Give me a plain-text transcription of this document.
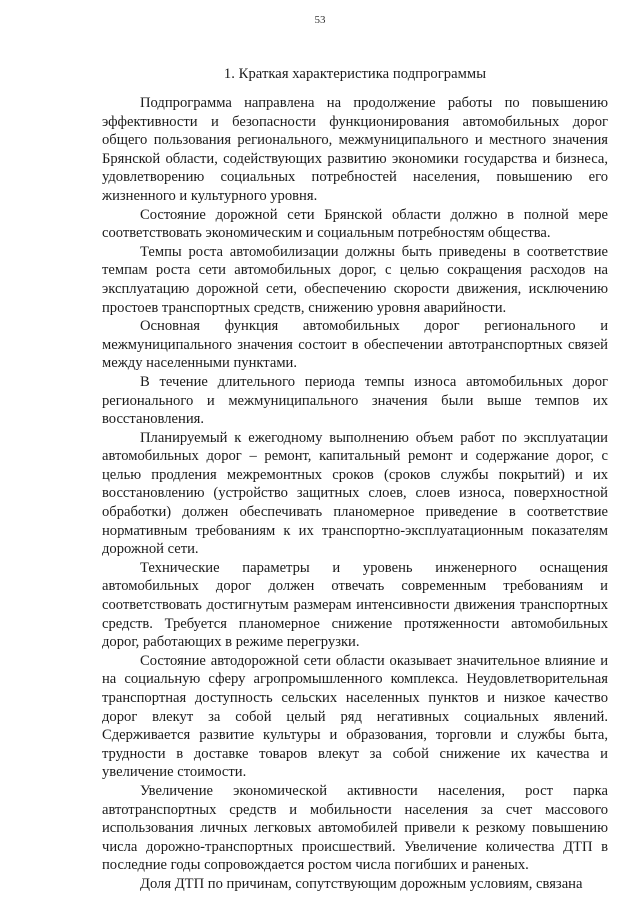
53
1. Краткая характеристика подпрограммы

Подпрограмма направлена на продолжение работы по повышению эффективности и безопасности функционирования автомобильных дорог общего пользования регионального, межмуниципального и местного значения Брянской области, содействующих развитию экономики государства и бизнеса, удовлетворению социальных потребностей населения, повышению его жизненного и культурного уровня.

Состояние дорожной сети Брянской области должно в полной мере соответствовать экономическим и социальным потребностям общества.

Темпы роста автомобилизации должны быть приведены в соответствие темпам роста сети автомобильных дорог, с целью сокращения расходов на эксплуатацию дорожной сети, обеспечению скорости движения, исключению простоев транспортных средств, снижению уровня аварийности.

Основная функция автомобильных дорог регионального и межмуниципального значения состоит в обеспечении автотранспортных связей между населенными пунктами.

В течение длительного периода темпы износа автомобильных дорог регионального и межмуниципального значения были выше темпов их восстановления.

Планируемый к ежегодному выполнению объем работ по эксплуатации автомобильных дорог – ремонт, капитальный ремонт и содержание дорог, с целью продления межремонтных сроков (сроков службы покрытий) и их восстановлению (устройство защитных слоев, слоев износа, поверхностной обработки) должен обеспечивать планомерное приведение в соответствие нормативным требованиям к их транспортно-эксплуатационным показателям дорожной сети.

Технические параметры и уровень инженерного оснащения автомобильных дорог должен отвечать современным требованиям и соответствовать достигнутым размерам интенсивности движения транспортных средств. Требуется планомерное снижение протяженности автомобильных дорог, работающих в режиме перегрузки.

Состояние автодорожной сети области оказывает значительное влияние и на социальную сферу агропромышленного комплекса. Неудовлетворительная транспортная доступность сельских населенных пунктов и низкое качество дорог влекут за собой целый ряд негативных социальных явлений. Сдерживается развитие культуры и образования, торговли и службы быта, трудности в доставке товаров влекут за собой снижение их качества и увеличение стоимости.

Увеличение экономической активности населения, рост парка автотранспортных средств и мобильности населения за счет массового использования личных легковых автомобилей привели к резкому повышению числа дорожно-транспортных происшествий. Увеличение количества ДТП в последние годы сопровождается ростом числа погибших и раненых.

Доля ДТП по причинам, сопутствующим дорожным условиям, связана
